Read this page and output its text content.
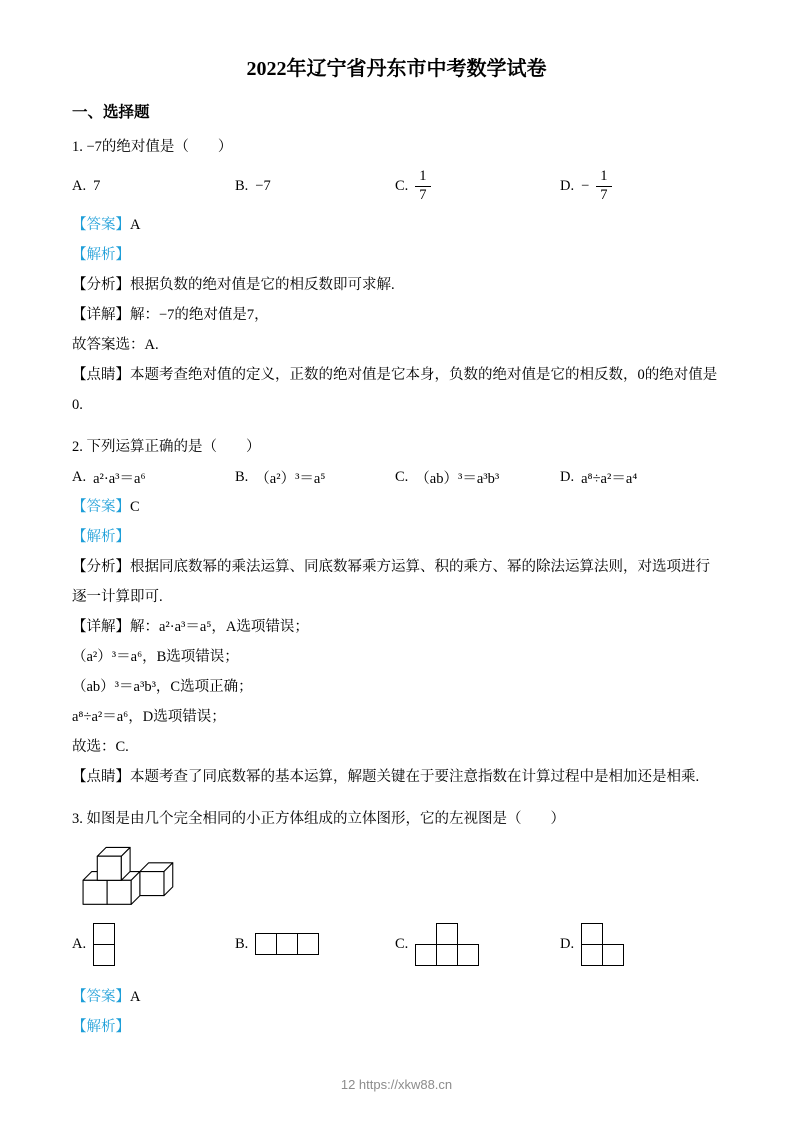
2022年辽宁省丹东市中考数学试卷
一、选择题

1. −7的绝对值是（　　）

A. 7	B. −7	C. $\frac{1}{7}$	D. − $\frac{1}{7}$

【答案】A

【解析】

【分析】根据负数的绝对值是它的相反数即可求解.

【详解】解：−7的绝对值是7，

故答案选：A.

【点睛】本题考查绝对值的定义，正数的绝对值是它本身，负数的绝对值是它的相反数，0的绝对值是0.

2. 下列运算正确的是（　　）

A. a²·a³＝a⁶	B. （a²）³＝a⁵	C. （ab）³＝a³b³	D. a⁸÷a²＝a⁴

【答案】C

【解析】

【分析】根据同底数幂的乘法运算、同底数幂乘方运算、积的乘方、幂的除法运算法则，对选项进行逐一计算即可.

【详解】解：a²·a³＝a⁵，A选项错误；

（a²）³＝a⁶，B选项错误；

（ab）³＝a³b³，C选项正确；

a⁸÷a²＝a⁶，D选项错误；

故选：C.

【点睛】本题考查了同底数幂的基本运算，解题关键在于要注意指数在计算过程中是相加还是相乘.

3. 如图是由几个完全相同的小正方体组成的立体图形，它的左视图是（　　）

A.	B.	C.	D.

【答案】A

【解析】

12 https://xkw88.cn
